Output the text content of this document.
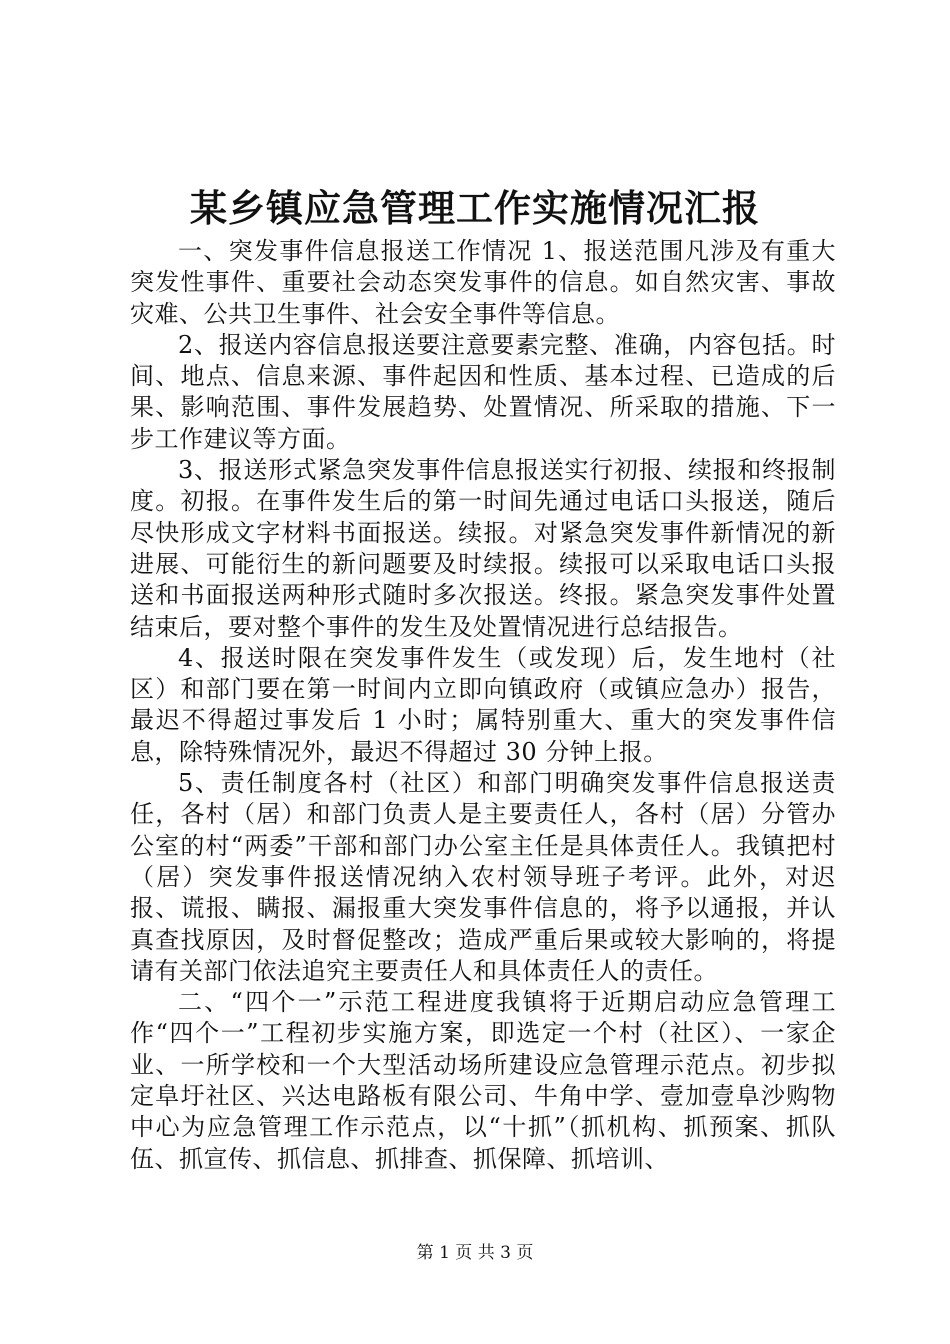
某乡镇应急管理工作实施情况汇报

一、突发事件信息报送工作情况 1、报送范围凡涉及有重大突发性事件、重要社会动态突发事件的信息。如自然灾害、事故灾难、公共卫生事件、社会安全事件等信息。

2、报送内容信息报送要注意要素完整、准确，内容包括。时间、地点、信息来源、事件起因和性质、基本过程、已造成的后果、影响范围、事件发展趋势、处置情况、所采取的措施、下一步工作建议等方面。

3、报送形式紧急突发事件信息报送实行初报、续报和终报制度。初报。在事件发生后的第一时间先通过电话口头报送，随后尽快形成文字材料书面报送。续报。对紧急突发事件新情况的新进展、可能衍生的新问题要及时续报。续报可以采取电话口头报送和书面报送两种形式随时多次报送。终报。紧急突发事件处置结束后，要对整个事件的发生及处置情况进行总结报告。

4、报送时限在突发事件发生（或发现）后，发生地村（社区）和部门要在第一时间内立即向镇政府（或镇应急办）报告，最迟不得超过事发后 1 小时；属特别重大、重大的突发事件信息，除特殊情况外，最迟不得超过 30 分钟上报。

5、责任制度各村（社区）和部门明确突发事件信息报送责任，各村（居）和部门负责人是主要责任人，各村（居）分管办公室的村“两委”干部和部门办公室主任是具体责任人。我镇把村（居）突发事件报送情况纳入农村领导班子考评。此外，对迟报、谎报、瞒报、漏报重大突发事件信息的，将予以通报，并认真查找原因，及时督促整改；造成严重后果或较大影响的，将提请有关部门依法追究主要责任人和具体责任人的责任。

二、“四个一”示范工程进度我镇将于近期启动应急管理工作“四个一”工程初步实施方案，即选定一个村（社区）、一家企业、一所学校和一个大型活动场所建设应急管理示范点。初步拟定阜圩社区、兴达电路板有限公司、牛角中学、壹加壹阜沙购物中心为应急管理工作示范点，以“十抓”（抓机构、抓预案、抓队伍、抓宣传、抓信息、抓排查、抓保障、抓培训、

第 1 页 共 3 页
